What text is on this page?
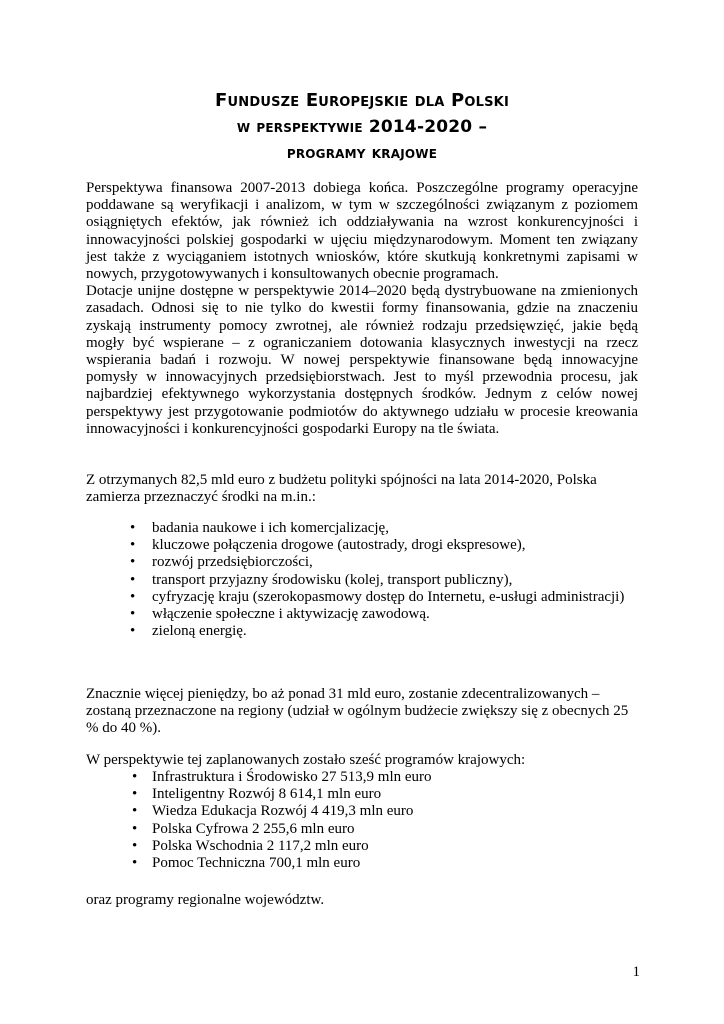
Fundusze Europejskie dla Polski
w perspektywie 2014-2020 –
programy krajowe

Perspektywa finansowa 2007-2013 dobiega końca. Poszczególne programy operacyjne poddawane są weryfikacji i analizom, w tym w szczególności związanym z poziomem osiągniętych efektów, jak również ich oddziaływania na wzrost konkurencyjności i innowacyjności polskiej gospodarki w ujęciu międzynarodowym. Moment ten związany jest także z wyciąganiem istotnych wniosków, które skutkują konkretnymi zapisami w nowych, przygotowywanych i konsultowanych obecnie programach.

Dotacje unijne dostępne w perspektywie 2014–2020 będą dystrybuowane na zmienionych zasadach. Odnosi się to nie tylko do kwestii formy finansowania, gdzie na znaczeniu zyskają instrumenty pomocy zwrotnej, ale również rodzaju przedsięwzięć, jakie będą mogły być wspierane – z ograniczaniem dotowania klasycznych inwestycji na rzecz wspierania badań i rozwoju. W nowej perspektywie finansowane będą innowacyjne pomysły w innowacyjnych przedsiębiorstwach. Jest to myśl przewodnia procesu, jak najbardziej efektywnego wykorzystania dostępnych środków. Jednym z celów nowej perspektywy jest przygotowanie podmiotów do aktywnego udziału w procesie kreowania innowacyjności i konkurencyjności gospodarki Europy na tle świata.

Z otrzymanych 82,5 mld euro z budżetu polityki spójności na lata 2014-2020, Polska zamierza przeznaczyć środki na m.in.:

• badania naukowe i ich komercjalizację,
• kluczowe połączenia drogowe (autostrady, drogi ekspresowe),
• rozwój przedsiębiorczości,
• transport przyjazny środowisku (kolej, transport publiczny),
• cyfryzację kraju (szerokopasmowy dostęp do Internetu, e-usługi administracji)
• włączenie społeczne i aktywizację zawodową.
• zieloną energię.

Znacznie więcej pieniędzy, bo aż ponad 31 mld euro, zostanie zdecentralizowanych – zostaną przeznaczone na regiony (udział w ogólnym budżecie zwiększy się z obecnych 25 % do 40 %).

W perspektywie tej zaplanowanych zostało sześć programów krajowych:

• Infrastruktura i Środowisko 27 513,9 mln euro
• Inteligentny Rozwój 8 614,1 mln euro
• Wiedza Edukacja Rozwój 4 419,3 mln euro
• Polska Cyfrowa 2 255,6 mln euro
• Polska Wschodnia 2 117,2 mln euro
• Pomoc Techniczna 700,1 mln euro

oraz programy regionalne województw.

1
